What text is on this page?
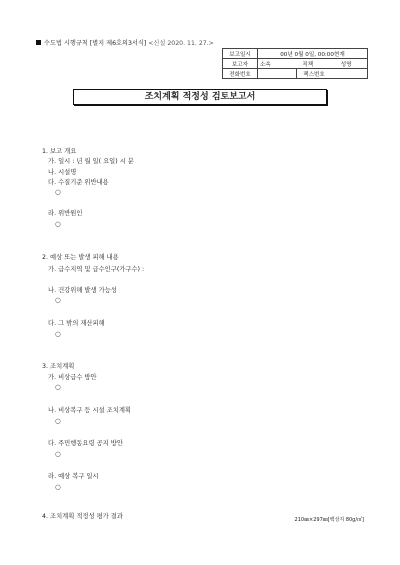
수도법 시행규칙 [별지 제6호의3서식] <신설 2020. 11. 27.>
보고일시	00년 0월 0일, 00:00현재		
보고자	소속 직책 성명		
전화번호		팩스번호	
조치계획 적정성 검토보고서
1. 보고 개요
가. 일시 : 년 월 일( 요일) 시 분
나. 시설명
다. 수질기준 위반내용
○
라. 위반원인
○
2. 예상 또는 발생 피해 내용
가. 급수지역 및 급수인구(가구수) :
나. 건강위해 발생 가능성
○
다. 그 밖의 재산피해
○
3. 조치계획
가. 비상급수 방안
○
나. 비상복구 등 시설 조치계획
○
다. 주민행동요령 공지 방안
○
라. 예상 복구 일시
○
4. 조치계획 적정성 평가 결과	210㎜×297㎜[백상지 80g/㎡]
